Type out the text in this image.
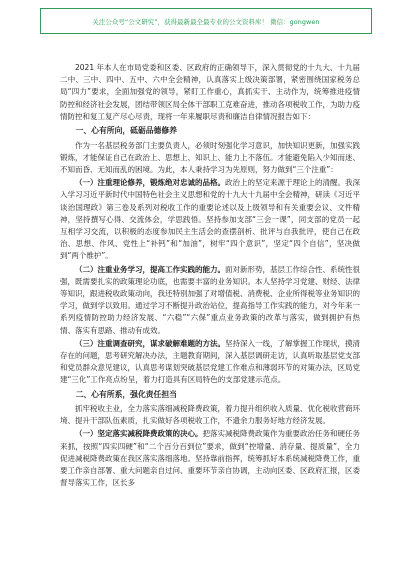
关注公众号“公文研究”，获得最新最全最专业的公文资料库！ 微信：gongwen

2021 年本人在市局党委和区委、区政府的正确领导下，深入贯彻党的十九大、十九届二中、三中、四中、五中、六中全会精神，认真落实上级决策部署，紧密围绕国家税务总局“四力”要求，全面加强党的领导，紧盯工作重心，真抓实干、主动作为，统筹推进疫情防控和经济社会发展，团结带领区局全体干部职工克难奋进，推动各项税收工作，为助力疫情防控和复工复产尽心尽责，现将一年来履职尽责和廉洁自律情况报告如下：

一、心有所向，砥砺品德修养

作为一名基层税务部门主要负责人，必须时刻强化学习意识，加快知识更新，加强实践锻炼，才能保证自己在政治上、思想上、知识上、能力上不落伍。才能避免陷入少知而迷、不知而昏、无知而乱的困境。为此，本人秉持学习为先原则，努力做到“三个注重”：

（一）注重理论修养，锻炼绝对忠诚的品格。政治上的坚定来源于理论上的清醒。我深入学习习近平新时代中国特色社会主义思想和党的十九大十九届中全会精神，研读《习近平谈治国理政》第三卷及系列对税收工作的重要论述以及上级领导和有关重要会议、文件精神，坚持撰写心得、交流体会，学思践悟。坚持参加支部“三会一课”，同支部的党员一起互相学习交流，以积极的态度参加民主生活会的查摆剖析、批评与自我批评，使自己在政治、思想、作风、党性上“补钙”和“加油”，树牢“四个意识”，坚定“四个自信”，坚决做到“两个维护”。

（二）注重业务学习，提高工作实践的能力。面对新形势，基层工作综合性、系统性很强，既需要扎实的政策理论功底，也需要丰富的业务知识。本人坚持学习党建、财经、法律等知识，跟进税收政策动向，我还特别加强了对增值税、消费税、企业所得税等业务知识的学习，做到学以致用。通过学习不断提升政治站位，提高指导工作实践的能力，对今年来一系列疫情防控助力经济发展、“六稳”“六保”重点业务政策的改革与落实，做到拥护有热情、落实有思路、推动有成效。

（三）注重调查研究，谋求破解难题的方法。坚持深入一线，了解掌握工作现状，摸清存在的问题，思考研究解决办法，主题教育期间，深入基层调研走访，认真听取基层党支部和党员群众意见建议，认真思考谋划突破基层党建工作难点和薄弱环节的对策办法，区局党建“三化”工作亮点纷呈，着力打造具有区局特色的支部党建示范点。

二、心有所系，强化责任担当

抓牢税收主业，全力落实落细减税降费政策，着力提升组织收入质量、优化税收营商环境、提升干部队伍素质，扎实做好各项税收工作，不遗余力服务好地方经济发展。

（一）坚定落实减税降费政策的决心。把落实减税降费政策作为重要政治任务和硬任务来抓，按照“四实四硬”和“二个百分百到位”要求，做到“控增量、消存量、提质量”，全力促进减税降费政策在我区落实落细落地。坚持靠前指挥，统筹抓好本系统减税降费工作，重要工作亲自部署、重大问题亲自过问、重要环节亲自协调，主动向区委、区政府汇报，区委督导落实工作，区长多
